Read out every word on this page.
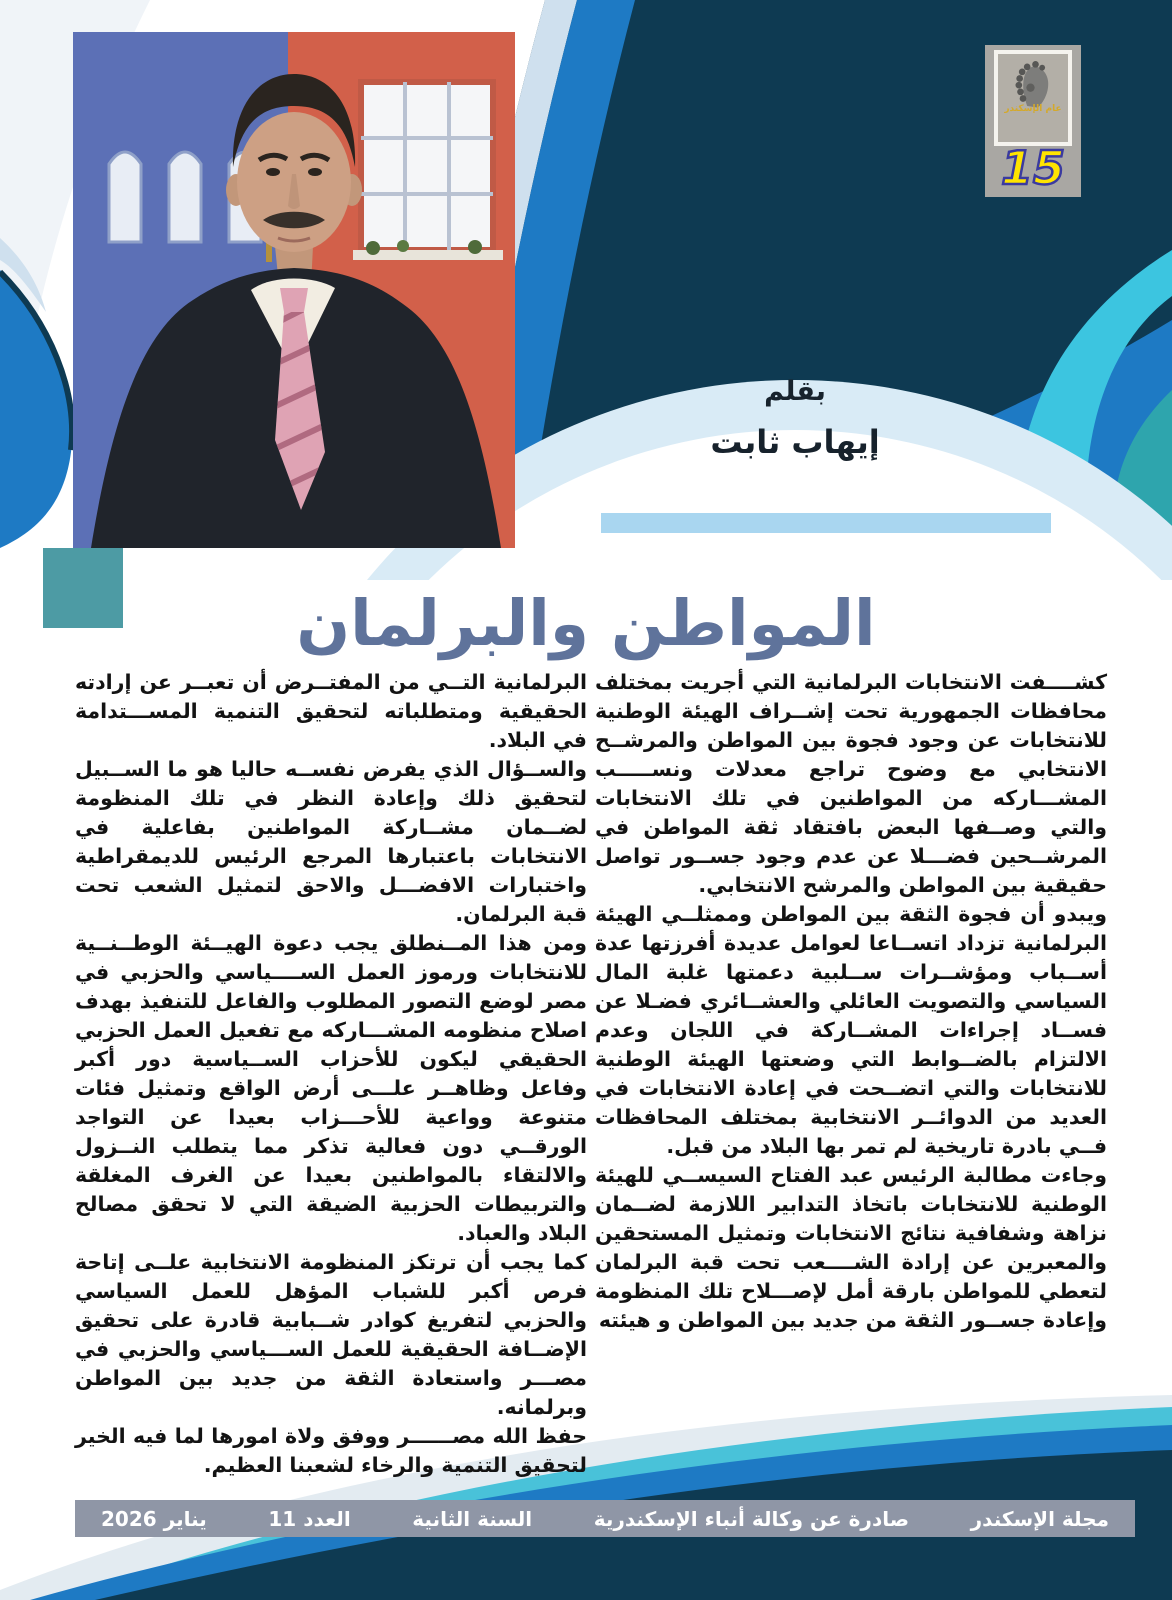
عام الإسكندر
15
بقلم
إيهاب ثابت
المواطن والبرلمان

كشــــفت الانتخابات البرلمانية التي أجريت بمختلف محافظات الجمهورية تحت إشــراف الهيئة الوطنية للانتخابات عن وجود فجوة بين المواطن والمرشــح الانتخابي مع وضوح تراجع معدلات ونســـــب المشـــاركه من المواطنين في تلك الانتخابات والتي وصــفها البعض بافتقاد ثقة المواطن في المرشــحين فضـــلا عن عدم وجود جســور تواصل حقيقية بين المواطن والمرشح الانتخابي.

ويبدو أن فجوة الثقة بين المواطن وممثلــي الهيئة البرلمانية تزداد اتســاعا لعوامل عديدة أفرزتها عدة أســباب ومؤشــرات ســلبية دعمتها غلبة المال السياسي والتصويت العائلي والعشــائري فضـلا عن فســاد إجراءات المشــاركة في اللجان وعدم الالتزام بالضــوابط التي وضعتها الهيئة الوطنية للانتخابات والتي اتضــحت في إعادة الانتخابات في العديد من الدوائــر الانتخابية بمختلف المحافظات فــي بادرة تاريخية لم تمر بها البلاد من قبل.

وجاءت مطالبة الرئيس عبد الفتاح السيســي للهيئة الوطنية للانتخابات باتخاذ التدابير اللازمة لضــمان نزاهة وشفافية نتائج الانتخابات وتمثيل المستحقين والمعبرين عن إرادة الشــــعب تحت قبة البرلمان لتعطي للمواطن بارقة أمل لإصـــلاح تلك المنظومة وإعادة جســور الثقة من جديد بين المواطن و هيئته

البرلمانية التــي من المفتــرض أن تعبــر عن إرادته الحقيقية ومتطلباته لتحقيق التنمية المســـتدامة في البلاد.

والســؤال الذي يفرض نفســه حاليا هو ما الســبيل لتحقيق ذلك وإعادة النظر في تلك المنظومة لضــمان مشــاركة المواطنين بفاعلية في الانتخابات باعتبارها المرجع الرئيس للديمقراطية واختبارات الافضـــل والاحق لتمثيل الشعب تحت قبة البرلمان.

ومن هذا المــنطلق يجب دعوة الهيــئة الوطــنــية للانتخابات ورموز العمل الســــياسي والحزبي في مصر لوضع التصور المطلوب والفاعل للتنفيذ بهدف اصلاح منظومه المشـــاركه مع تفعيل العمل الحزبي الحقيقي ليكون للأحزاب الســياسية دور أكبر وفاعل وظاهــر علـــى أرض الواقع وتمثيل فئات متنوعة وواعية للأحـــزاب بعيدا عن التواجد الورقــي دون فعالية تذكر مما يتطلب النــزول والالتقاء بالمواطنين بعيدا عن الغرف المغلقة والتربيطات الحزبية الضيقة التي لا تحقق مصالح البلاد والعباد.

كما يجب أن ترتكز المنظومة الانتخابية علــى إتاحة فرص أكبر للشباب المؤهل للعمل السياسي والحزبي لتفريغ كوادر شــبابية قادرة على تحقيق الإضــافة الحقيقية للعمل الســـياسي والحزبي في مصـــر واستعادة الثقة من جديد بين المواطن وبرلمانه.

حفظ الله مصــــــر ووفق ولاة امورها لما فيه الخير لتحقيق التنمية والرخاء لشعبنا العظيم.

مجلة الإسكندر
صادرة عن وكالة أنباء الإسكندرية
السنة الثانية
العدد 11
يناير 2026
